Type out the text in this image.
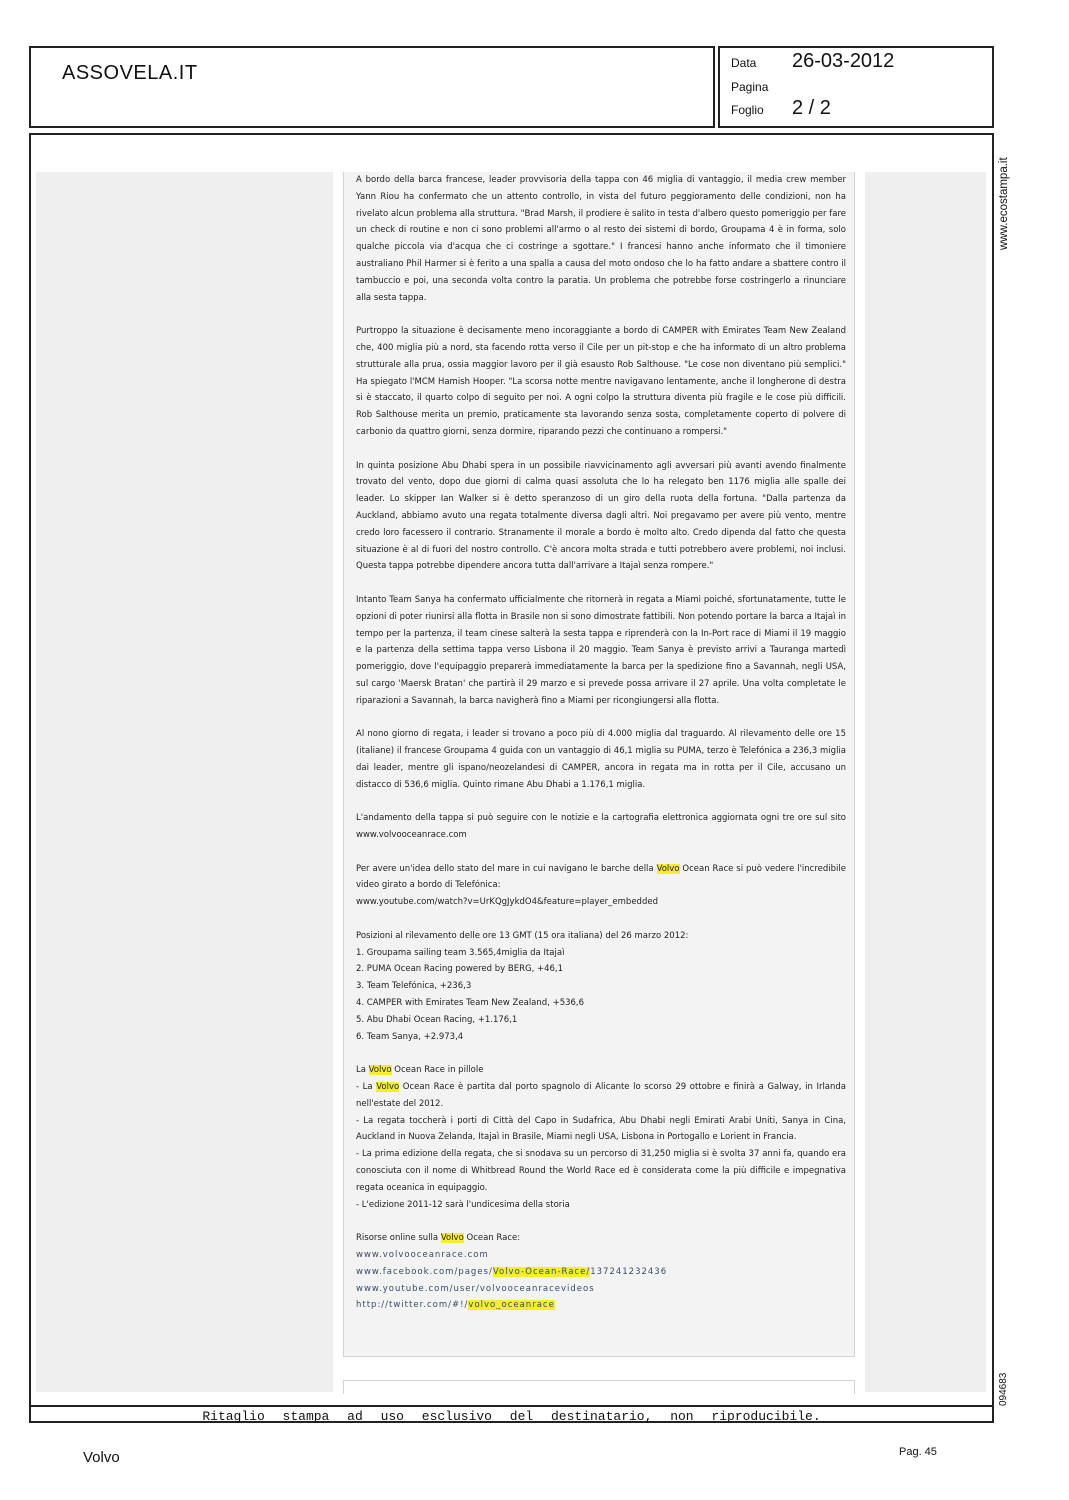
ASSOVELA.IT	Data 26-03-2012
Pagina
Foglio 2 / 2

A bordo della barca francese, leader provvisoria della tappa con 46 miglia di vantaggio, il media crew member Yann Riou ha confermato che un attento controllo, in vista del futuro peggioramento delle condizioni, non ha rivelato alcun problema alla struttura. "Brad Marsh, il prodiere è salito in testa d'albero questo pomeriggio per fare un check di routine e non ci sono problemi all'armo o al resto dei sistemi di bordo, Groupama 4 è in forma, solo qualche piccola via d'acqua che ci costringe a sgottare." I francesi hanno anche informato che il timoniere australiano Phil Harmer si è ferito a una spalla a causa del moto ondoso che lo ha fatto andare a sbattere contro il tambuccio e poi, una seconda volta contro la paratia. Un problema che potrebbe forse costringerlo a rinunciare alla sesta tappa.

Purtroppo la situazione è decisamente meno incoraggiante a bordo di CAMPER with Emirates Team New Zealand che, 400 miglia più a nord, sta facendo rotta verso il Cile per un pit-stop e che ha informato di un altro problema strutturale alla prua, ossia maggior lavoro per il già esausto Rob Salthouse. "Le cose non diventano più semplici." Ha spiegato l'MCM Hamish Hooper. "La scorsa notte mentre navigavano lentamente, anche il longherone di destra si è staccato, il quarto colpo di seguito per noi. A ogni colpo la struttura diventa più fragile e le cose più difficili. Rob Salthouse merita un premio, praticamente sta lavorando senza sosta, completamente coperto di polvere di carbonio da quattro giorni, senza dormire, riparando pezzi che continuano a rompersi."

In quinta posizione Abu Dhabi spera in un possibile riavvicinamento agli avversari più avanti avendo finalmente trovato del vento, dopo due giorni di calma quasi assoluta che lo ha relegato ben 1176 miglia alle spalle dei leader. Lo skipper Ian Walker si è detto speranzoso di un giro della ruota della fortuna. "Dalla partenza da Auckland, abbiamo avuto una regata totalmente diversa dagli altri. Noi pregavamo per avere più vento, mentre credo loro facessero il contrario. Stranamente il morale a bordo è molto alto. Credo dipenda dal fatto che questa situazione è al di fuori del nostro controllo. C'è ancora molta strada e tutti potrebbero avere problemi, noi inclusi. Questa tappa potrebbe dipendere ancora tutta dall'arrivare a Itajaì senza rompere."

Intanto Team Sanya ha confermato ufficialmente che ritornerà in regata a Miami poiché, sfortunatamente, tutte le opzioni di poter riunirsi alla flotta in Brasile non si sono dimostrate fattibili. Non potendo portare la barca a Itajaì in tempo per la partenza, il team cinese salterà la sesta tappa e riprenderà con la In-Port race di Miami il 19 maggio e la partenza della settima tappa verso Lisbona il 20 maggio. Team Sanya è previsto arrivi a Tauranga martedì pomeriggio, dove l'equipaggio preparerà immediatamente la barca per la spedizione fino a Savannah, negli USA, sul cargo 'Maersk Bratan' che partirà il 29 marzo e si prevede possa arrivare il 27 aprile. Una volta completate le riparazioni a Savannah, la barca navigherà fino a Miami per ricongiungersi alla flotta.

Al nono giorno di regata, i leader si trovano a poco più di 4.000 miglia dal traguardo. Al rilevamento delle ore 15 (italiane) il francese Groupama 4 guida con un vantaggio di 46,1 miglia su PUMA, terzo è Telefónica a 236,3 miglia dai leader, mentre gli ispano/neozelandesi di CAMPER, ancora in regata ma in rotta per il Cile, accusano un distacco di 536,6 miglia. Quinto rimane Abu Dhabi a 1.176,1 miglia.

L'andamento della tappa si può seguire con le notizie e la cartografia elettronica aggiornata ogni tre ore sul sito www.volvooceanrace.com

Per avere un'idea dello stato del mare in cui navigano le barche della Volvo Ocean Race si può vedere l'incredibile video girato a bordo di Telefónica:
www.youtube.com/watch?v=UrKQgJykdO4&feature=player_embedded

Posizioni al rilevamento delle ore 13 GMT (15 ora italiana) del 26 marzo 2012:
1. Groupama sailing team 3.565,4miglia da Itajaì
2. PUMA Ocean Racing powered by BERG, +46,1
3. Team Telefónica, +236,3
4. CAMPER with Emirates Team New Zealand, +536,6
5. Abu Dhabi Ocean Racing, +1.176,1
6. Team Sanya, +2.973,4

La Volvo Ocean Race in pillole
- La Volvo Ocean Race è partita dal porto spagnolo di Alicante lo scorso 29 ottobre e finirà a Galway, in Irlanda nell'estate del 2012.
- La regata toccherà i porti di Città del Capo in Sudafrica, Abu Dhabi negli Emirati Arabi Uniti, Sanya in Cina, Auckland in Nuova Zelanda, Itajaì in Brasile, Miami negli USA, Lisbona in Portogallo e Lorient in Francia.
- La prima edizione della regata, che si snodava su un percorso di 31,250 miglia si è svolta 37 anni fa, quando era conosciuta con il nome di Whitbread Round the World Race ed è considerata come la più difficile e impegnativa regata oceanica in equipaggio.
- L'edizione 2011-12 sarà l'undicesima della storia

Risorse online sulla Volvo Ocean Race:
www.volvooceanrace.com
www.facebook.com/pages/Volvo-Ocean-Race/137241232436
www.youtube.com/user/volvooceanracevideos
http://twitter.com/#!/volvo_oceanrace

Ritaglio stampa ad uso esclusivo del destinatario, non riproducibile.
www.ecostampa.it
094683
Volvo	Pag. 45
